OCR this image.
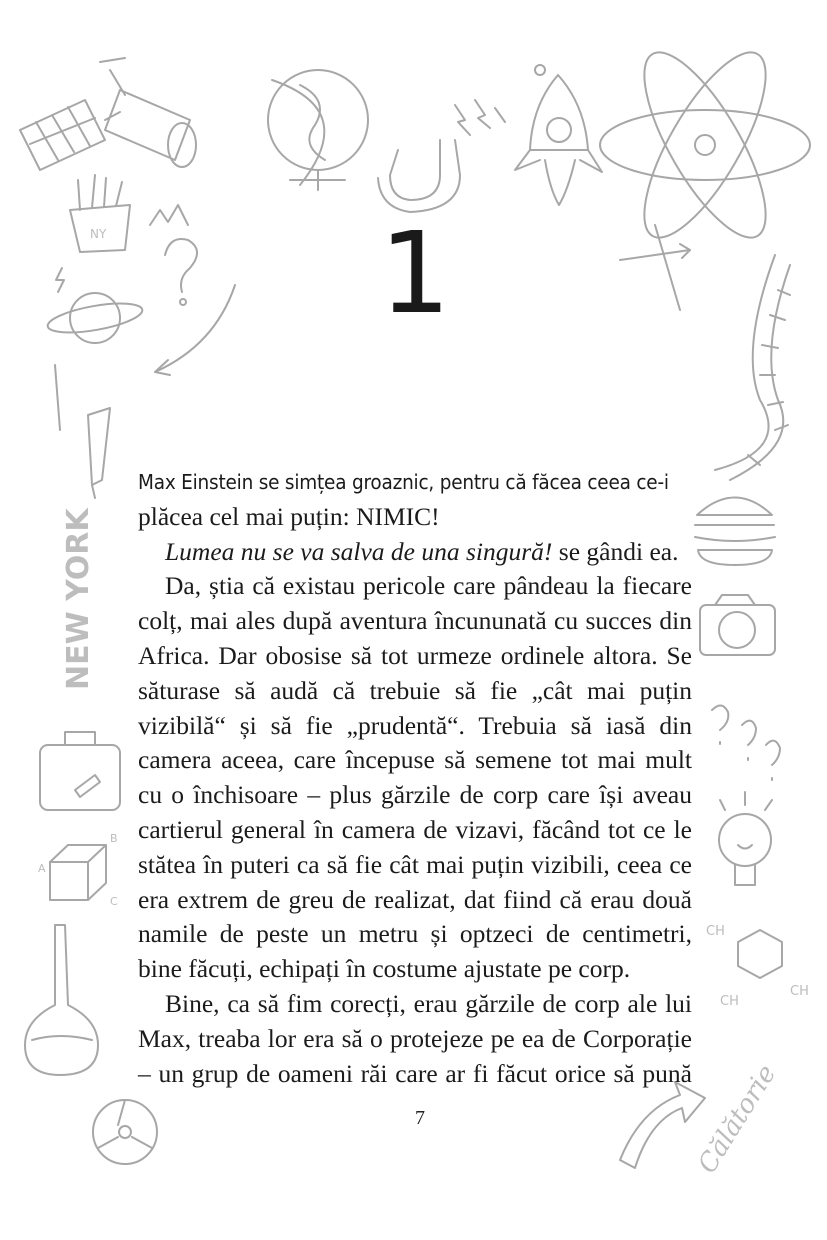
NY
NEW YORK
A
B
C
CH
CH
CH
Călătorie
1

Max Einstein se simțea groaznic, pentru că făcea ceea ce-i
plăcea cel mai puțin: NIMIC!

Lumea nu se va salva de una singură! se gândi ea.

Da, știa că existau pericole care pândeau la fiecare colț, mai ales după aventura încununată cu succes din Africa. Dar obosise să tot urmeze ordinele altora. Se săturase să audă că trebuie să fie „cât mai puțin vizibilă“ și să fie „prudentă“. Trebuia să iasă din camera aceea, care începuse să semene tot mai mult cu o închisoare – plus gărzile de corp care își aveau cartierul general în camera de vizavi, făcând tot ce le stătea în puteri ca să fie cât mai puțin vizibili, ceea ce era extrem de greu de realizat, dat fiind că erau două namile de peste un metru și optzeci de centimetri, bine făcuți, echipați în costume ajustate pe corp.

Bine, ca să fim corecți, erau gărzile de corp ale lui Max, treaba lor era să o protejeze pe ea de Corporație – un grup de oameni răi care ar fi făcut orice să pună

7
